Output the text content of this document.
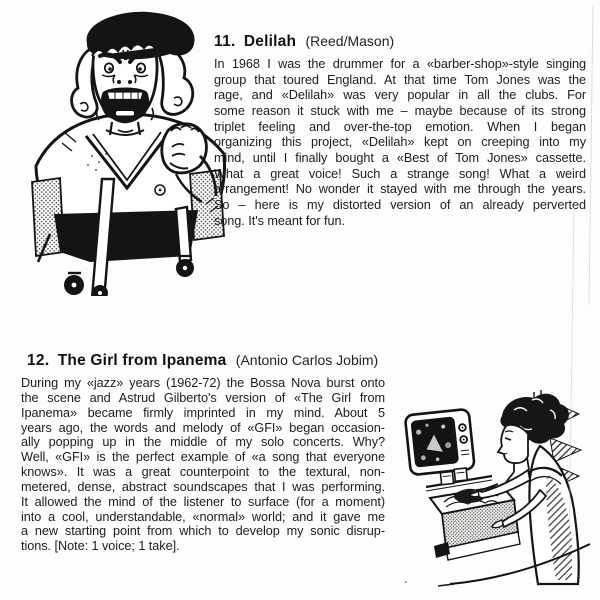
11. Delilah (Reed/Mason)
In 1968 I was the drummer for a «barber-shop»-style singing
group that toured England. At that time Tom Jones was the
rage, and «Delilah» was very popular in all the clubs. For
some reason it stuck with me – maybe because of its strong
triplet feeling and over-the-top emotion. When I began
organizing this project, «Delilah» kept on creeping into my
mind, until I finally bought a «Best of Tom Jones» cassette.
What a great voice! Such a strange song! What a weird
arrangement! No wonder it stayed with me through the years.
So – here is my distorted version of an already perverted
song. It's meant for fun.
12. The Girl from Ipanema (Antonio Carlos Jobim)
During my «jazz» years (1962-72) the Bossa Nova burst onto
the scene and Astrud Gilberto's version of «The Girl from
Ipanema» became firmly imprinted in my mind. About 5
years ago, the words and melody of «GFI» began occasion-
ally popping up in the middle of my solo concerts. Why?
Well, «GFI» is the perfect example of «a song that everyone
knows». It was a great counterpoint to the textural, non-
metered, dense, abstract soundscapes that I was performing.
It allowed the mind of the listener to surface (for a moment)
into a cool, understandable, «normal» world; and it gave me
a new starting point from which to develop my sonic disrup-
tions. [Note: 1 voice; 1 take].
